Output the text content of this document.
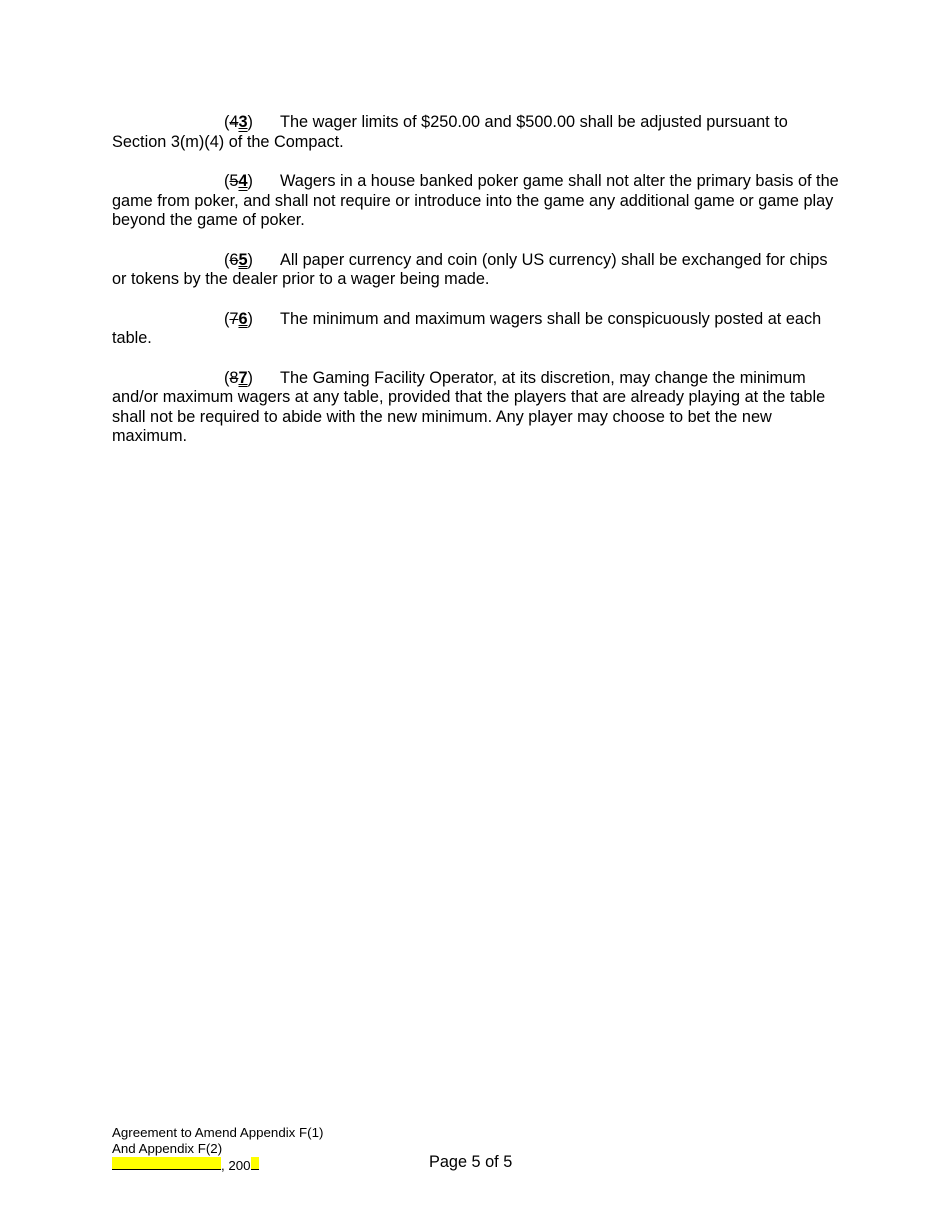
(43) The wager limits of $250.00 and $500.00 shall be adjusted pursuant to Section 3(m)(4) of the Compact.

(54) Wagers in a house banked poker game shall not alter the primary basis of the game from poker, and shall not require or introduce into the game any additional game or game play beyond the game of poker.

(65) All paper currency and coin (only US currency) shall be exchanged for chips or tokens by the dealer prior to a wager being made.

(76) The minimum and maximum wagers shall be conspicuously posted at each table.

(87) The Gaming Facility Operator, at its discretion, may change the minimum and/or maximum wagers at any table, provided that the players that are already playing at the table shall not be required to abide with the new minimum. Any player may choose to bet the new maximum.

Agreement to Amend Appendix F(1)
And Appendix F(2)
, 200	Page 5 of 5
